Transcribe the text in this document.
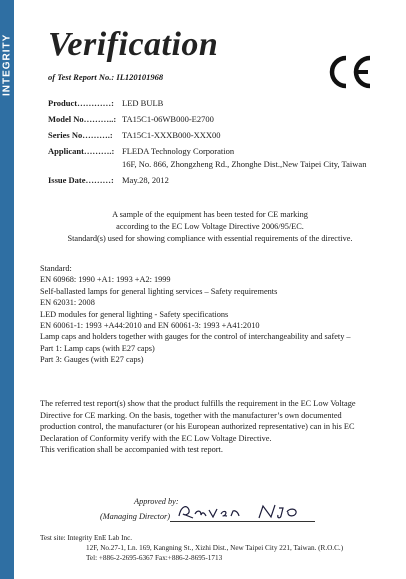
INTEGRITY Verification
of Test Report No.: IL120101968
Product…………: LED BULB
Model No………..: TA15C1-06WB000-E2700
Series No……….: TA15C1-XXXB000-XXX00
Applicant……….: FLEDA Technology Corporation
16F, No. 866, Zhongzheng Rd., Zhonghe Dist.,New Taipei City, Taiwan
Issue Date………: May.28, 2012
A sample of the equipment has been tested for CE marking
according to the EC Low Voltage Directive 2006/95/EC.
Standard(s) used for showing compliance with essential requirements of the directive.
Standard:
EN 60968: 1990 +A1: 1993 +A2: 1999
Self-ballasted lamps for general lighting services – Safety requirements
EN 62031: 2008
LED modules for general lighting - Safety specifications
EN 60061-1: 1993 +A44:2010 and EN 60061-3: 1993 +A41:2010
Lamp caps and holders together with gauges for the control of interchangeability and safety –
Part 1: Lamp caps (with E27 caps)
Part 3: Gauges (with E27 caps)
The referred test report(s) show that the product fulfills the requirement in the EC Low Voltage
Directive for CE marking. On the basis, together with the manufacturer’s own documented
production control, the manufacturer (or his European authorized representative) can in his EC
Declaration of Conformity verify with the EC Low Voltage Directive.
This verification shall be accompanied with test report.
Approved by:
(Managing Director)
Test site: Integrity EnE Lab Inc.
12F, No.27-1, Ln. 169, Kangning St., Xizhi Dist., New Taipei City 221, Taiwan. (R.O.C.)
Tel: +886-2-2695-6367 Fax:+886-2-8695-1713
